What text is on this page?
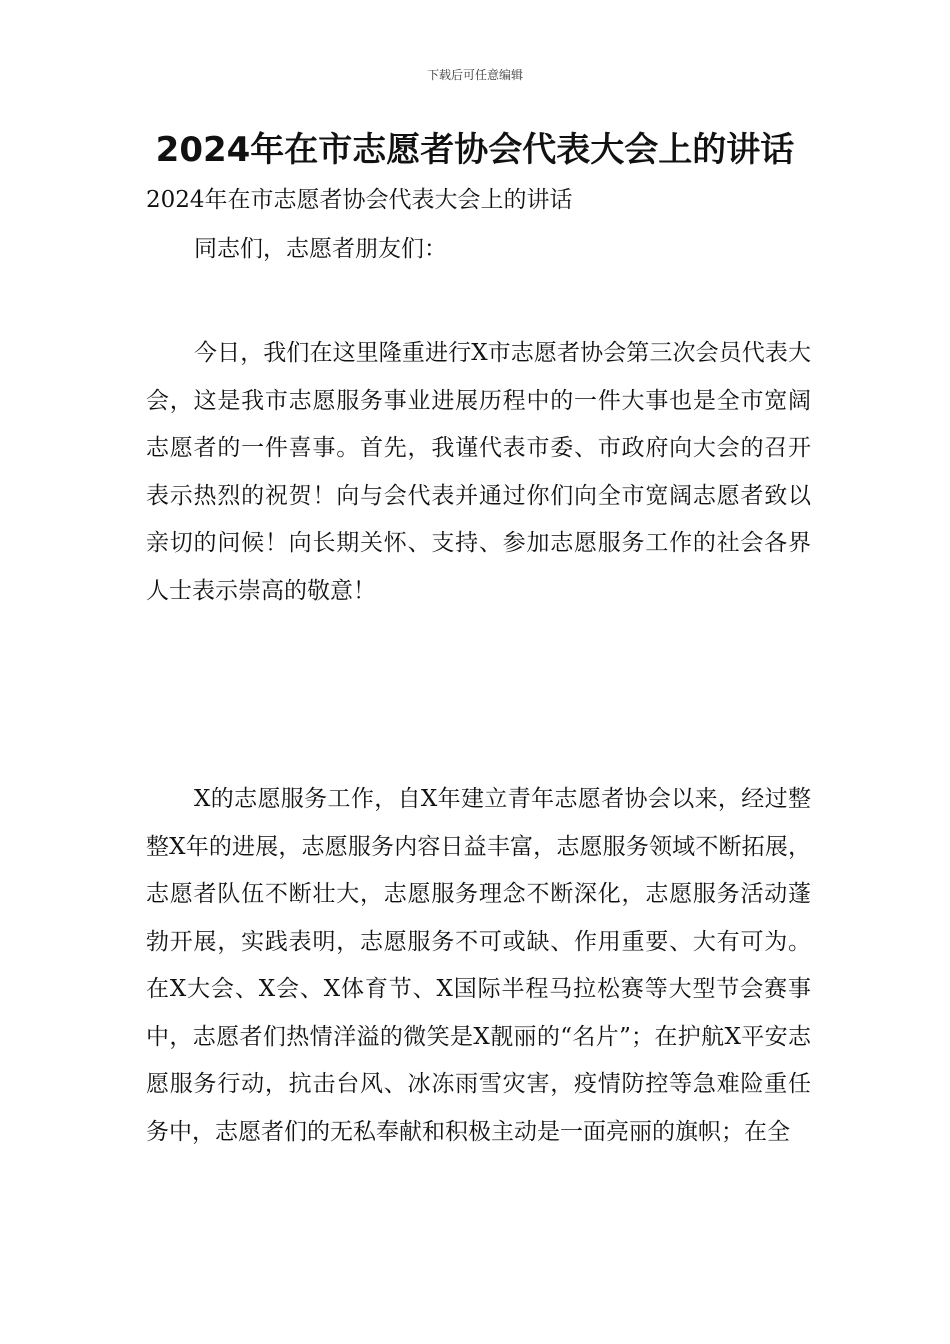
下载后可任意编辑
2024年在市志愿者协会代表大会上的讲话
2024年在市志愿者协会代表大会上的讲话
同志们，志愿者朋友们：

今日，我们在这里隆重进行X市志愿者协会第三次会员代表大会，这是我市志愿服务事业进展历程中的一件大事也是全市宽阔志愿者的一件喜事。首先，我谨代表市委、市政府向大会的召开表示热烈的祝贺！向与会代表并通过你们向全市宽阔志愿者致以亲切的问候！向长期关怀、支持、参加志愿服务工作的社会各界人士表示崇高的敬意！

X的志愿服务工作，自X年建立青年志愿者协会以来，经过整整X年的进展，志愿服务内容日益丰富，志愿服务领域不断拓展，志愿者队伍不断壮大，志愿服务理念不断深化，志愿服务活动蓬勃开展，实践表明，志愿服务不可或缺、作用重要、大有可为。在X大会、X会、X体育节、X国际半程马拉松赛等大型节会赛事中，志愿者们热情洋溢的微笑是X靓丽的“名片”；在护航X平安志愿服务行动，抗击台风、冰冻雨雪灾害，疫情防控等急难险重任务中，志愿者们的无私奉献和积极主动是一面亮丽的旗帜；在全
